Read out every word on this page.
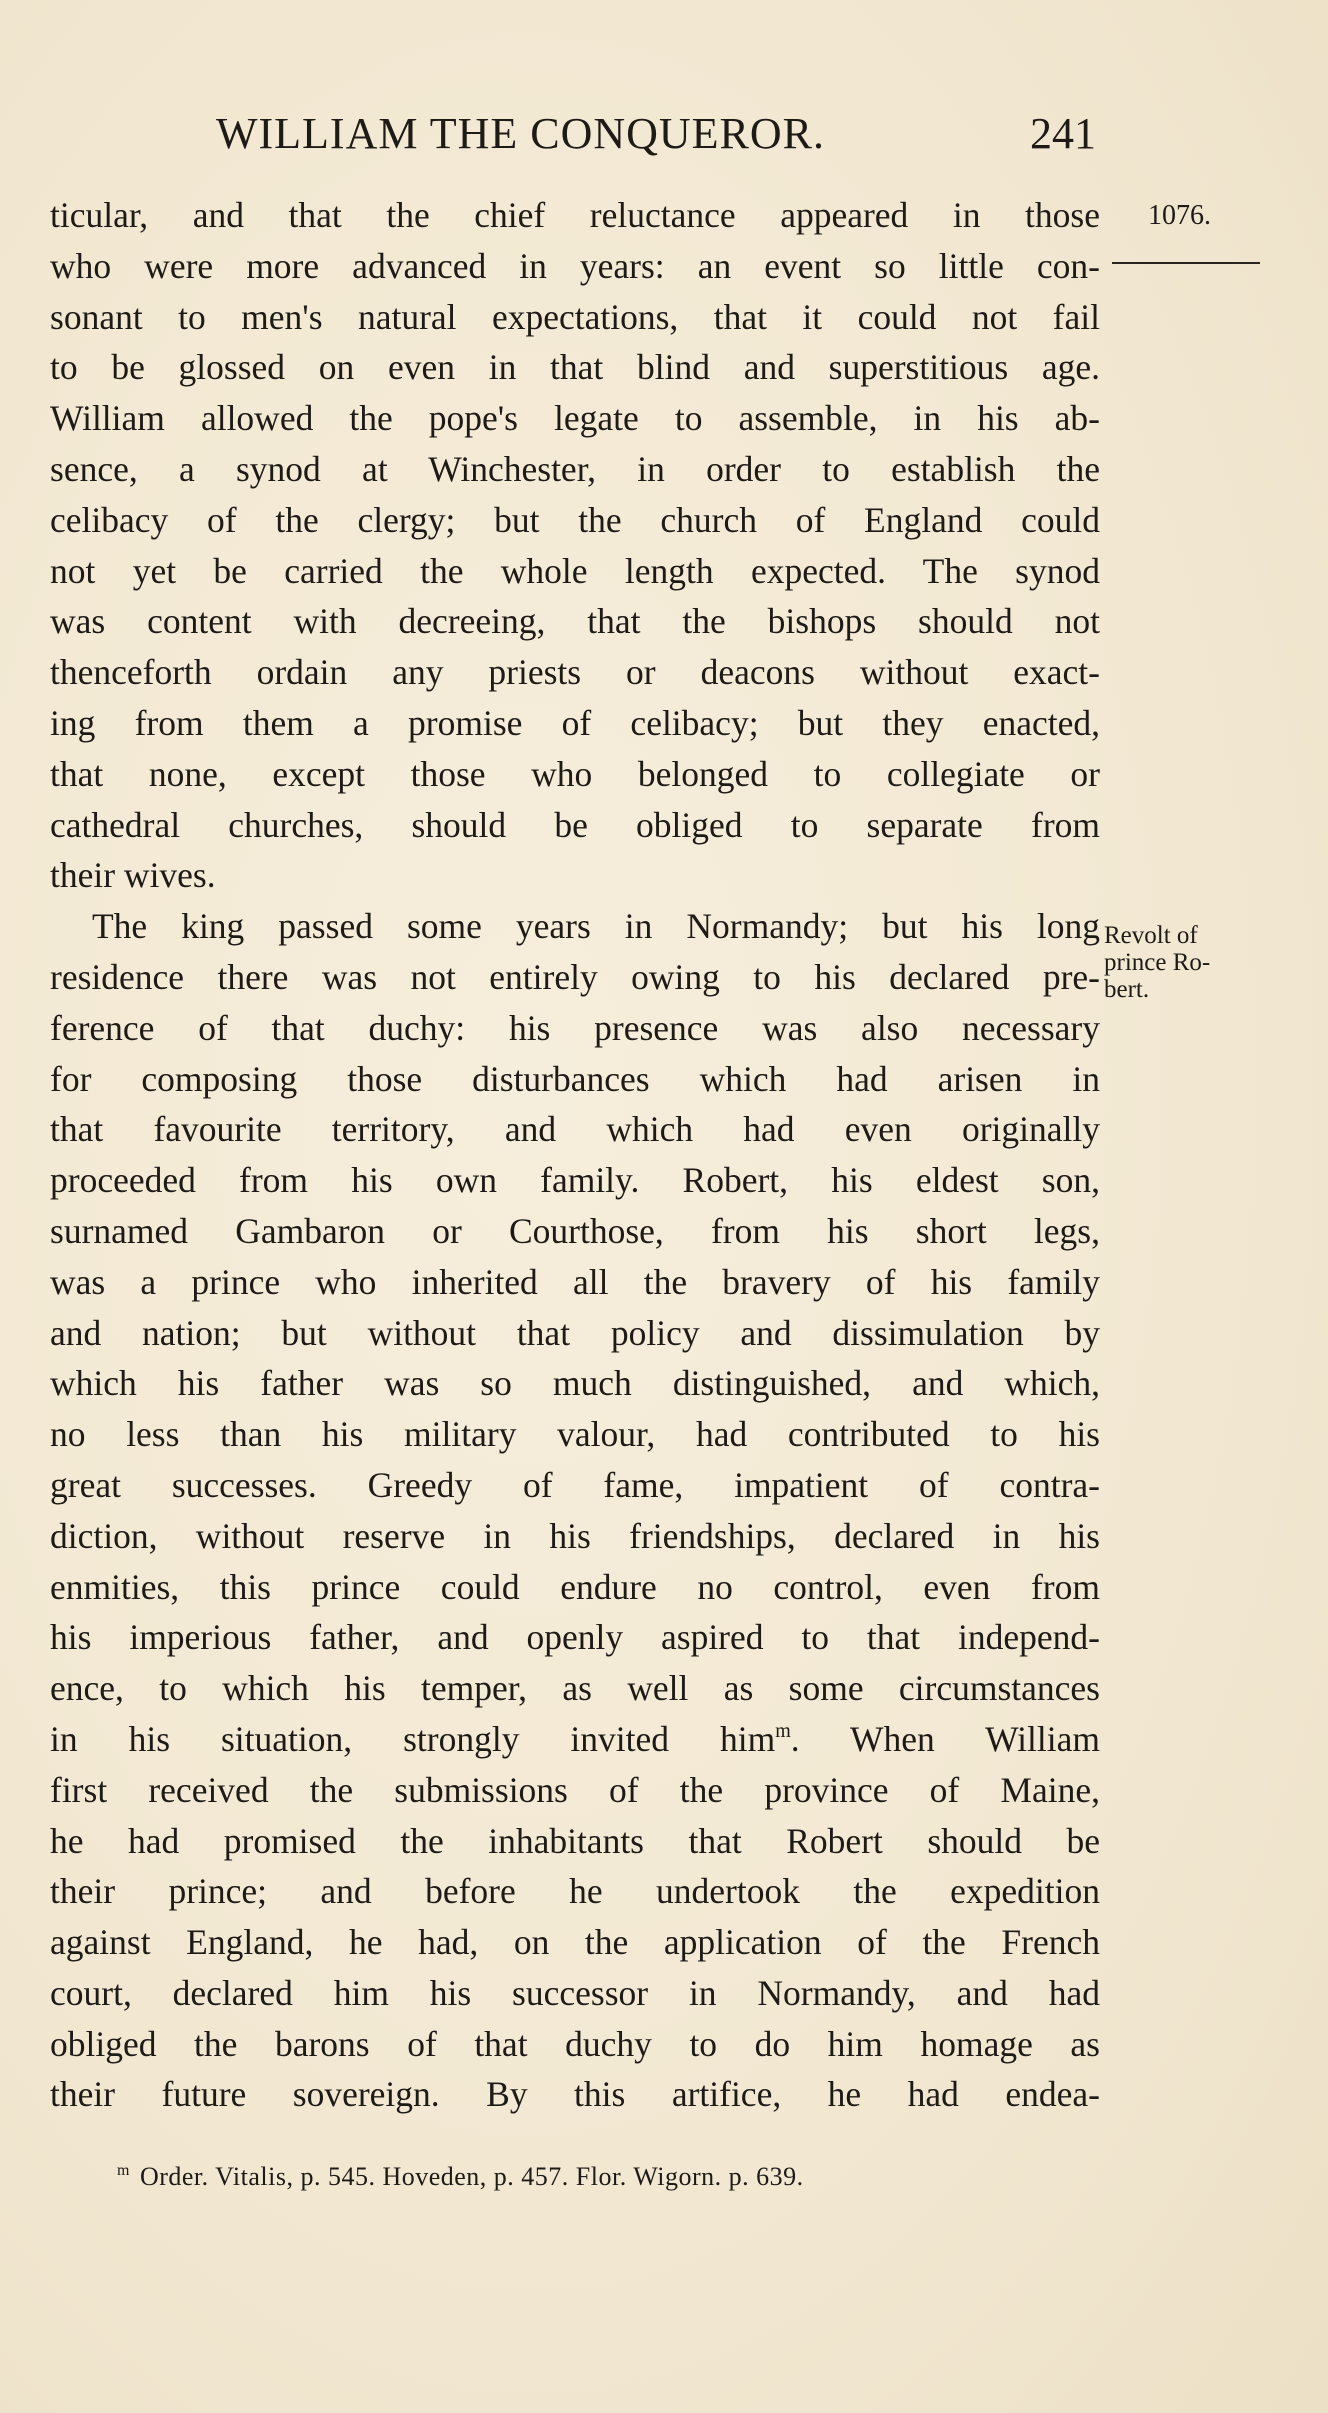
WILLIAM THE CONQUEROR.	241
1076.
Revolt of
prince Ro-
bert.
ticular, and that the chief reluctance appeared in those
who were more advanced in years: an event so little con-
sonant to men's natural expectations, that it could not fail
to be glossed on even in that blind and superstitious age.
William allowed the pope's legate to assemble, in his ab-
sence, a synod at Winchester, in order to establish the
celibacy of the clergy; but the church of England could
not yet be carried the whole length expected. The synod
was content with decreeing, that the bishops should not
thenceforth ordain any priests or deacons without exact-
ing from them a promise of celibacy; but they enacted,
that none, except those who belonged to collegiate or
cathedral churches, should be obliged to separate from
their wives.
The king passed some years in Normandy; but his long
residence there was not entirely owing to his declared pre-
ference of that duchy: his presence was also necessary
for composing those disturbances which had arisen in
that favourite territory, and which had even originally
proceeded from his own family. Robert, his eldest son,
surnamed Gambaron or Courthose, from his short legs,
was a prince who inherited all the bravery of his family
and nation; but without that policy and dissimulation by
which his father was so much distinguished, and which,
no less than his military valour, had contributed to his
great successes. Greedy of fame, impatient of contra-
diction, without reserve in his friendships, declared in his
enmities, this prince could endure no control, even from
his imperious father, and openly aspired to that independ-
ence, to which his temper, as well as some circumstances
in his situation, strongly invited him$^m$. When William
first received the submissions of the province of Maine,
he had promised the inhabitants that Robert should be
their prince; and before he undertook the expedition
against England, he had, on the application of the French
court, declared him his successor in Normandy, and had
obliged the barons of that duchy to do him homage as
their future sovereign. By this artifice, he had endea-
$^m$ Order. Vitalis, p. 545. Hoveden, p. 457. Flor. Wigorn. p. 639.
